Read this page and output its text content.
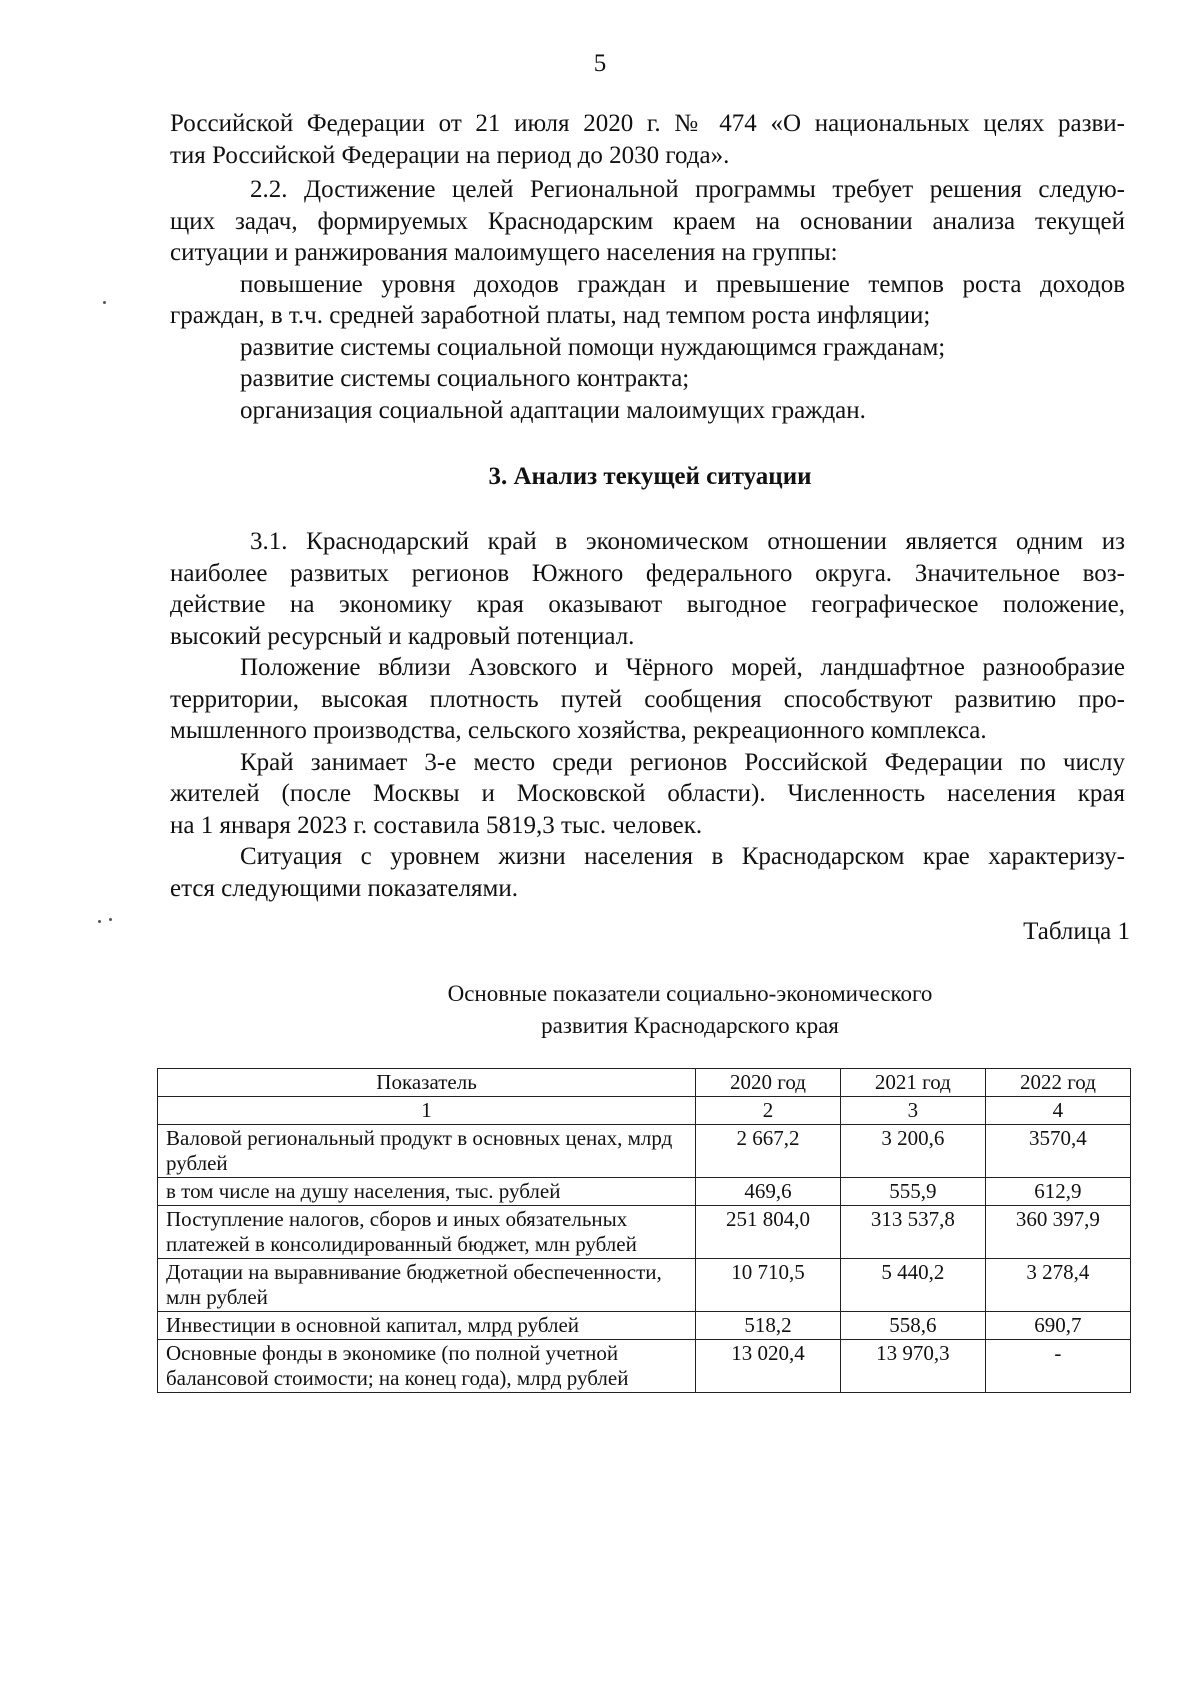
5
Российской Федерации от 21 июля 2020 г. № 474 «О национальных целях разви-
тия Российской Федерации на период до 2030 года».
2.2. Достижение целей Региональной программы требует решения следую-
щих задач, формируемых Краснодарским краем на основании анализа текущей
ситуации и ранжирования малоимущего населения на группы:
повышение уровня доходов граждан и превышение темпов роста доходов
граждан, в т.ч. средней заработной платы, над темпом роста инфляции;
развитие системы социальной помощи нуждающимся гражданам;
развитие системы социального контракта;
организация социальной адаптации малоимущих граждан.
3. Анализ текущей ситуации
3.1. Краснодарский край в экономическом отношении является одним из
наиболее развитых регионов Южного федерального округа. Значительное воз-
действие на экономику края оказывают выгодное географическое положение,
высокий ресурсный и кадровый потенциал.
Положение вблизи Азовского и Чёрного морей, ландшафтное разнообразие
территории, высокая плотность путей сообщения способствуют развитию про-
мышленного производства, сельского хозяйства, рекреационного комплекса.
Край занимает 3-е место среди регионов Российской Федерации по числу
жителей (после Москвы и Московской области). Численность населения края
на 1 января 2023 г. составила 5819,3 тыс. человек.
Ситуация с уровнем жизни населения в Краснодарском крае характеризу-
ется следующими показателями.
Таблица 1
Основные показатели социально-экономического
развития Краснодарского края
Показатель	2020 год	2021 год	2022 год
1	2	3	4
Валовой региональный продукт в основных ценах, млрд рублей	2 667,2	3 200,6	3570,4
в том числе на душу населения, тыс. рублей	469,6	555,9	612,9
Поступление налогов, сборов и иных обязательных платежей в консолидированный бюджет, млн рублей	251 804,0	313 537,8	360 397,9
Дотации на выравнивание бюджетной обеспеченности, млн рублей	10 710,5	5 440,2	3 278,4
Инвестиции в основной капитал, млрд рублей	518,2	558,6	690,7
Основные фонды в экономике (по полной учетной балансовой стоимости; на конец года), млрд рублей	13 020,4	13 970,3	-
